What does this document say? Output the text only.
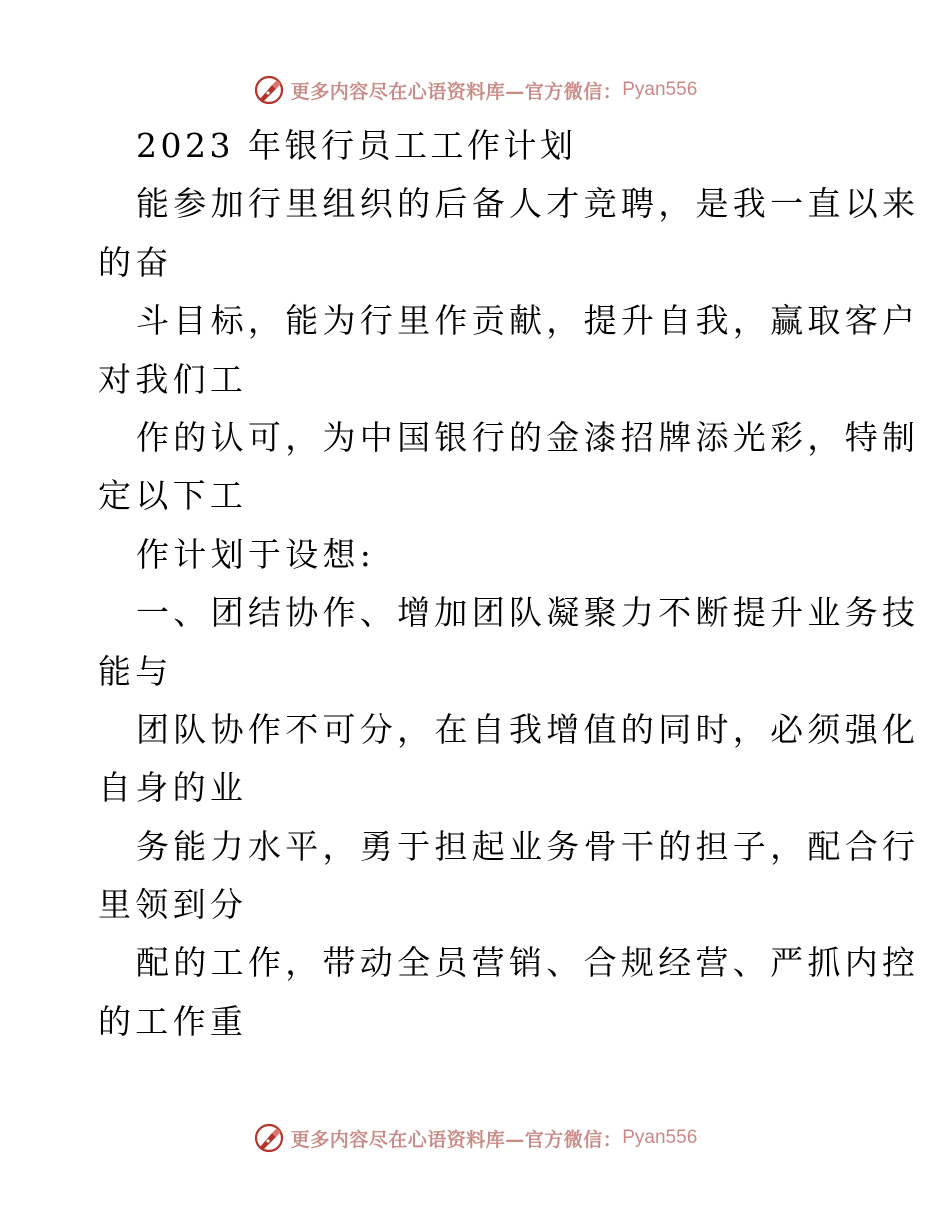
更多内容尽在心语资料库—官方微信： Pyan556
2023 年银行员工工作计划
能参加行里组织的后备人才竞聘，是我一直以来
的奋
斗目标，能为行里作贡献，提升自我，赢取客户
对我们工
作的认可，为中国银行的金漆招牌添光彩，特制
定以下工
作计划于设想:
一、团结协作、增加团队凝聚力不断提升业务技
能与
团队协作不可分，在自我增值的同时，必须强化
自身的业
务能力水平，勇于担起业务骨干的担子，配合行
里领到分
配的工作，带动全员营销、合规经营、严抓内控
的工作重
更多内容尽在心语资料库—官方微信： Pyan556
